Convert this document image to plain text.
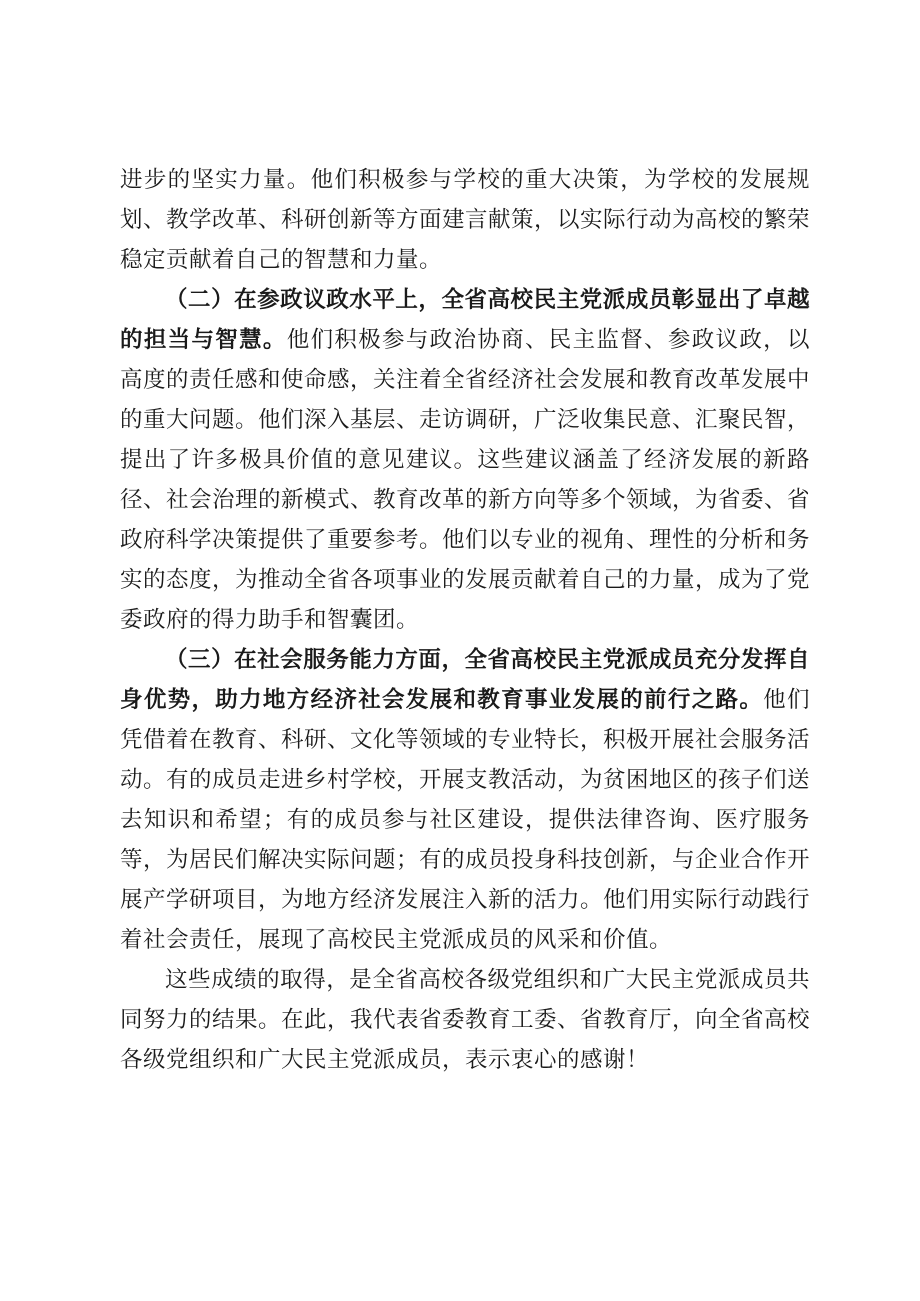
进步的坚实力量。他们积极参与学校的重大决策，为学校的发展规划、教学改革、科研创新等方面建言献策，以实际行动为高校的繁荣稳定贡献着自己的智慧和力量。

（二）在参政议政水平上，全省高校民主党派成员彰显出了卓越的担当与智慧。他们积极参与政治协商、民主监督、参政议政，以高度的责任感和使命感，关注着全省经济社会发展和教育改革发展中的重大问题。他们深入基层、走访调研，广泛收集民意、汇聚民智，提出了许多极具价值的意见建议。这些建议涵盖了经济发展的新路径、社会治理的新模式、教育改革的新方向等多个领域，为省委、省政府科学决策提供了重要参考。他们以专业的视角、理性的分析和务实的态度，为推动全省各项事业的发展贡献着自己的力量，成为了党委政府的得力助手和智囊团。

（三）在社会服务能力方面，全省高校民主党派成员充分发挥自身优势，助力地方经济社会发展和教育事业发展的前行之路。他们凭借着在教育、科研、文化等领域的专业特长，积极开展社会服务活动。有的成员走进乡村学校，开展支教活动，为贫困地区的孩子们送去知识和希望；有的成员参与社区建设，提供法律咨询、医疗服务等，为居民们解决实际问题；有的成员投身科技创新，与企业合作开展产学研项目，为地方经济发展注入新的活力。他们用实际行动践行着社会责任，展现了高校民主党派成员的风采和价值。

这些成绩的取得，是全省高校各级党组织和广大民主党派成员共同努力的结果。在此，我代表省委教育工委、省教育厅，向全省高校各级党组织和广大民主党派成员，表示衷心的感谢！
